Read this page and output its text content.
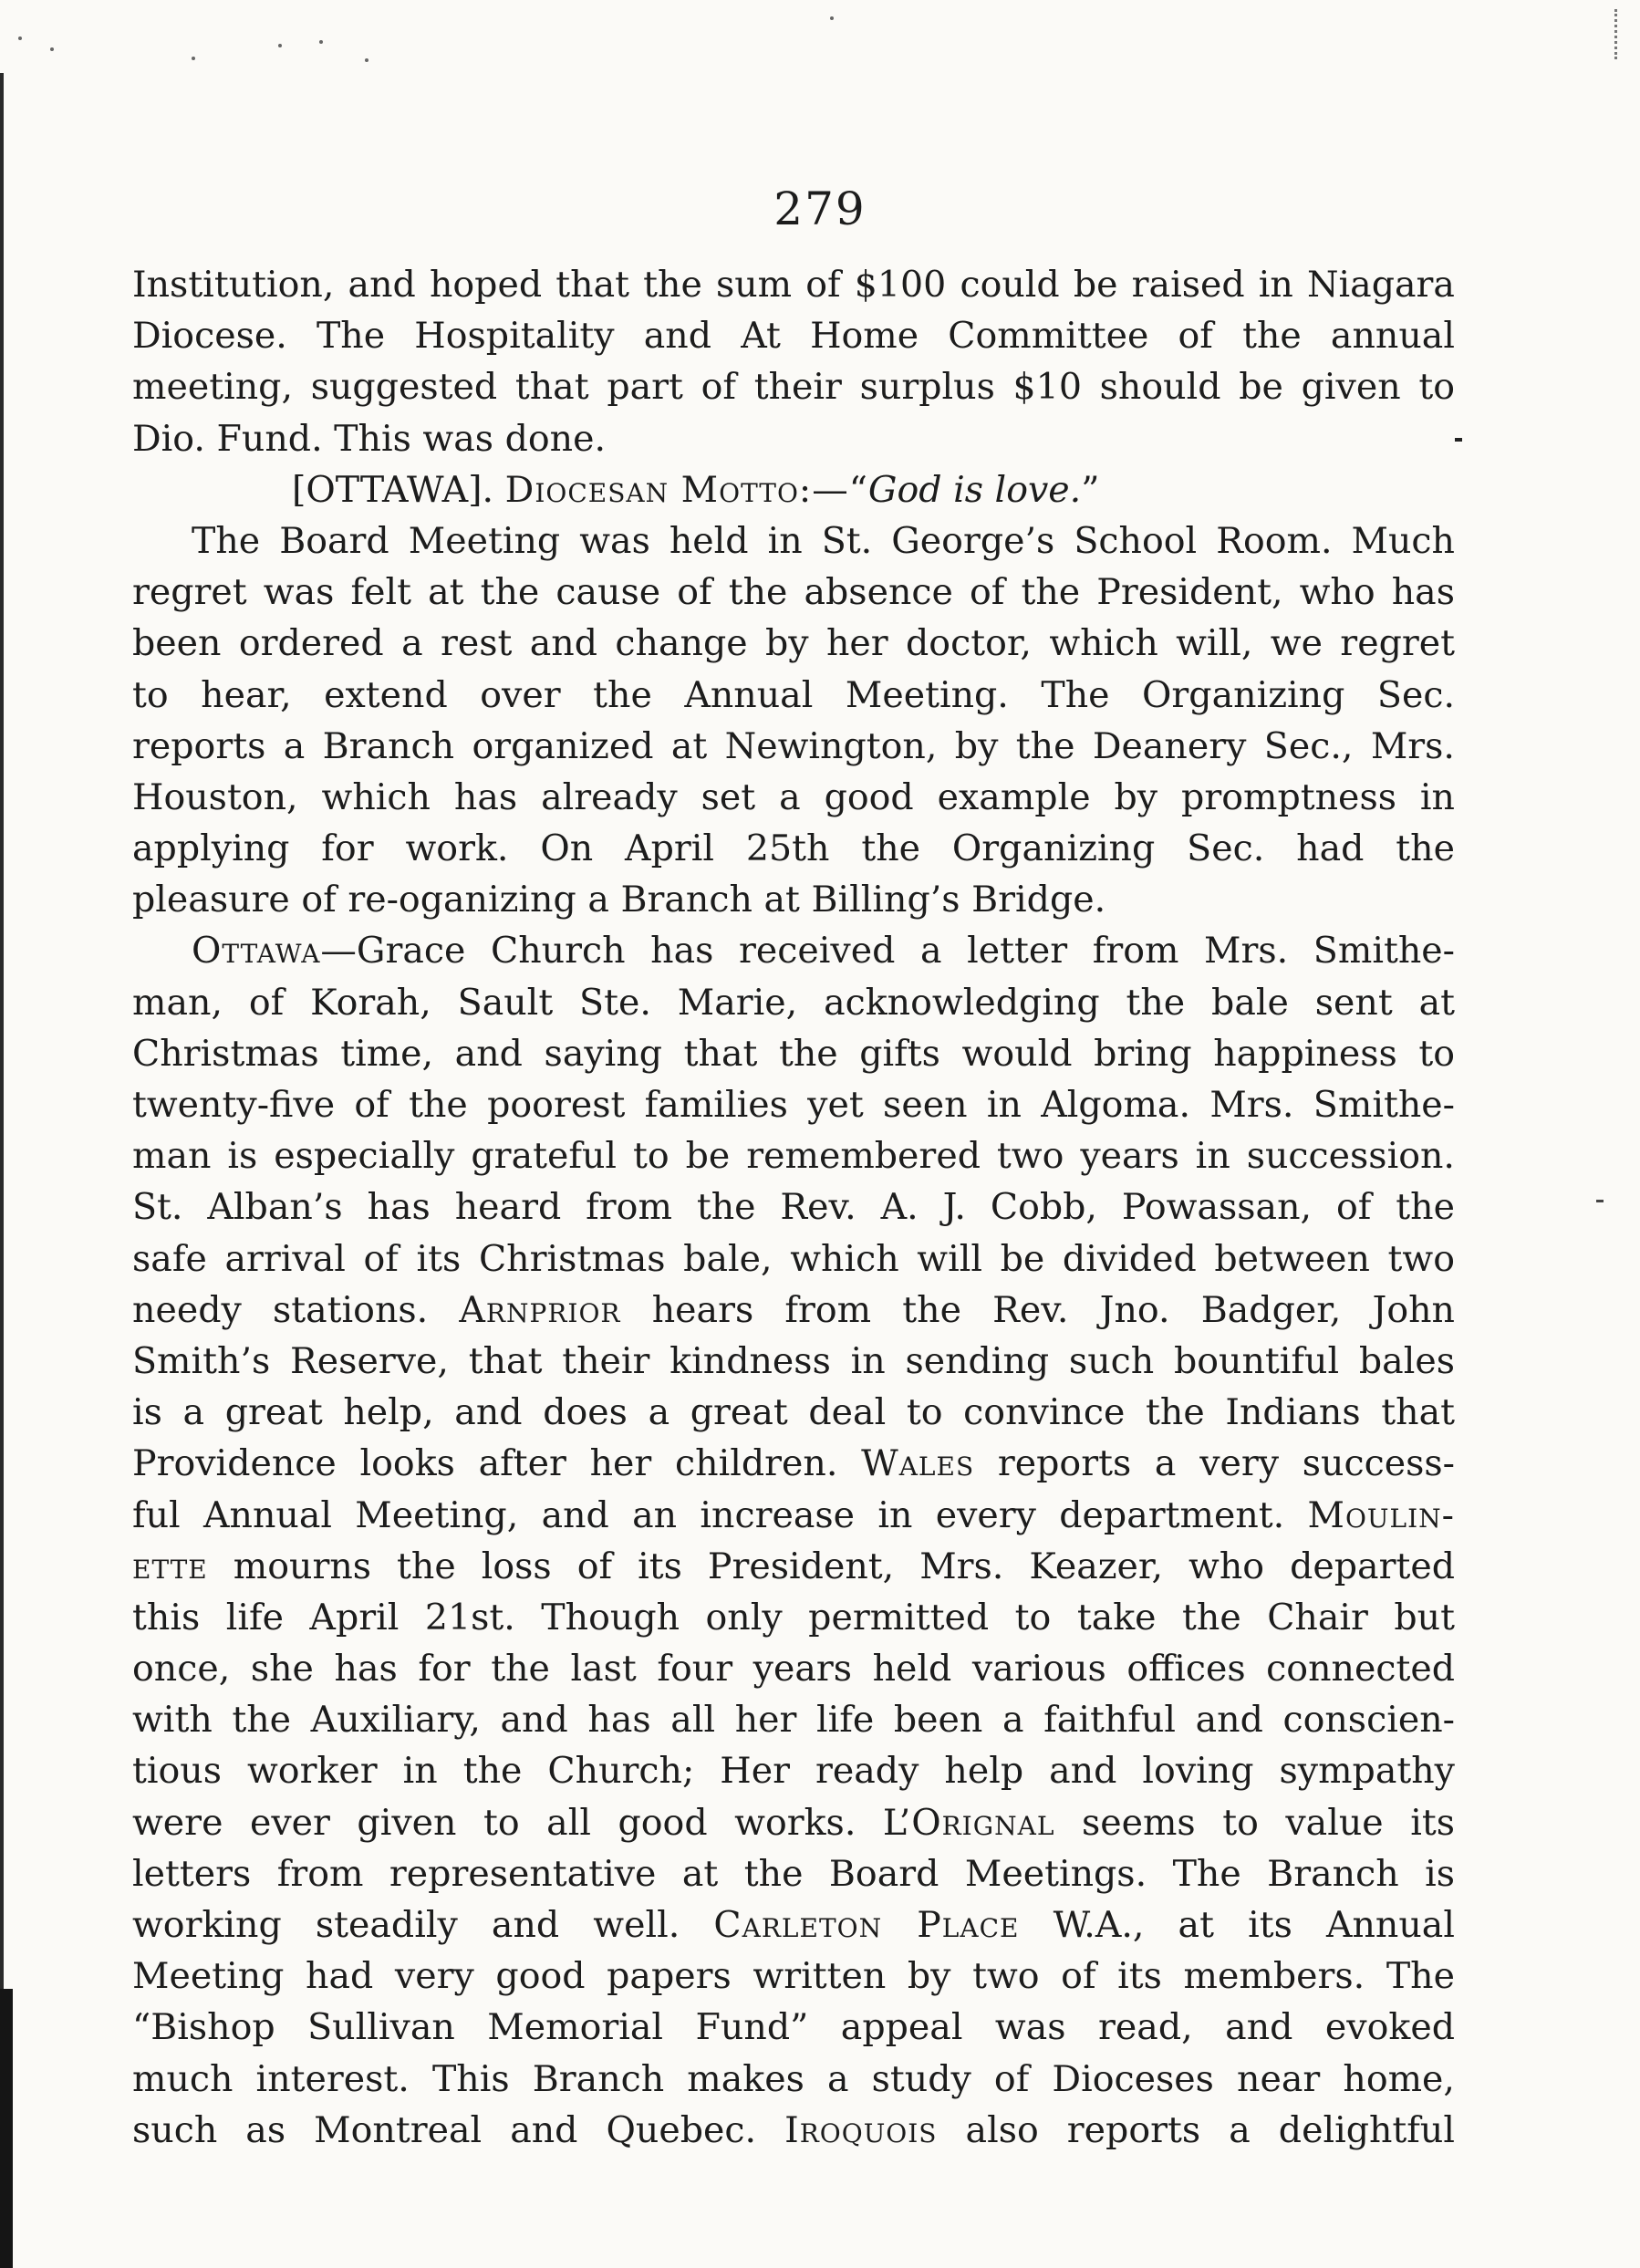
279
Institution, and hoped that the sum of $100 could be raised in Niagara
Diocese. The Hospitality and At Home Committee of the annual
meeting, suggested that part of their surplus $10 should be given to
Dio. Fund. This was done.
[OTTAWA]. Diocesan Motto:—“God is love.”
The Board Meeting was held in St. George’s School Room. Much
regret was felt at the cause of the absence of the President, who has
been ordered a rest and change by her doctor, which will, we regret
to hear, extend over the Annual Meeting. The Organizing Sec.
reports a Branch organized at Newington, by the Deanery Sec., Mrs.
Houston, which has already set a good example by promptness in
applying for work. On April 25th the Organizing Sec. had the
pleasure of re-oganizing a Branch at Billing’s Bridge.
Ottawa—Grace Church has received a letter from Mrs. Smithe-
man, of Korah, Sault Ste. Marie, acknowledging the bale sent at
Christmas time, and saying that the gifts would bring happiness to
twenty-five of the poorest families yet seen in Algoma. Mrs. Smithe-
man is especially grateful to be remembered two years in succession.
St. Alban’s has heard from the Rev. A. J. Cobb, Powassan, of the
safe arrival of its Christmas bale, which will be divided between two
needy stations. Arnprior hears from the Rev. Jno. Badger, John
Smith’s Reserve, that their kindness in sending such bountiful bales
is a great help, and does a great deal to convince the Indians that
Providence looks after her children. Wales reports a very success-
ful Annual Meeting, and an increase in every department. Moulin-
ette mourns the loss of its President, Mrs. Keazer, who departed
this life April 21st. Though only permitted to take the Chair but
once, she has for the last four years held various offices connected
with the Auxiliary, and has all her life been a faithful and conscien-
tious worker in the Church; Her ready help and loving sympathy
were ever given to all good works. L’Orignal seems to value its
letters from representative at the Board Meetings. The Branch is
working steadily and well. Carleton Place W.A., at its Annual
Meeting had very good papers written by two of its members. The
“Bishop Sullivan Memorial Fund” appeal was read, and evoked
much interest. This Branch makes a study of Dioceses near home,
such as Montreal and Quebec. Iroquois also reports a delightful
